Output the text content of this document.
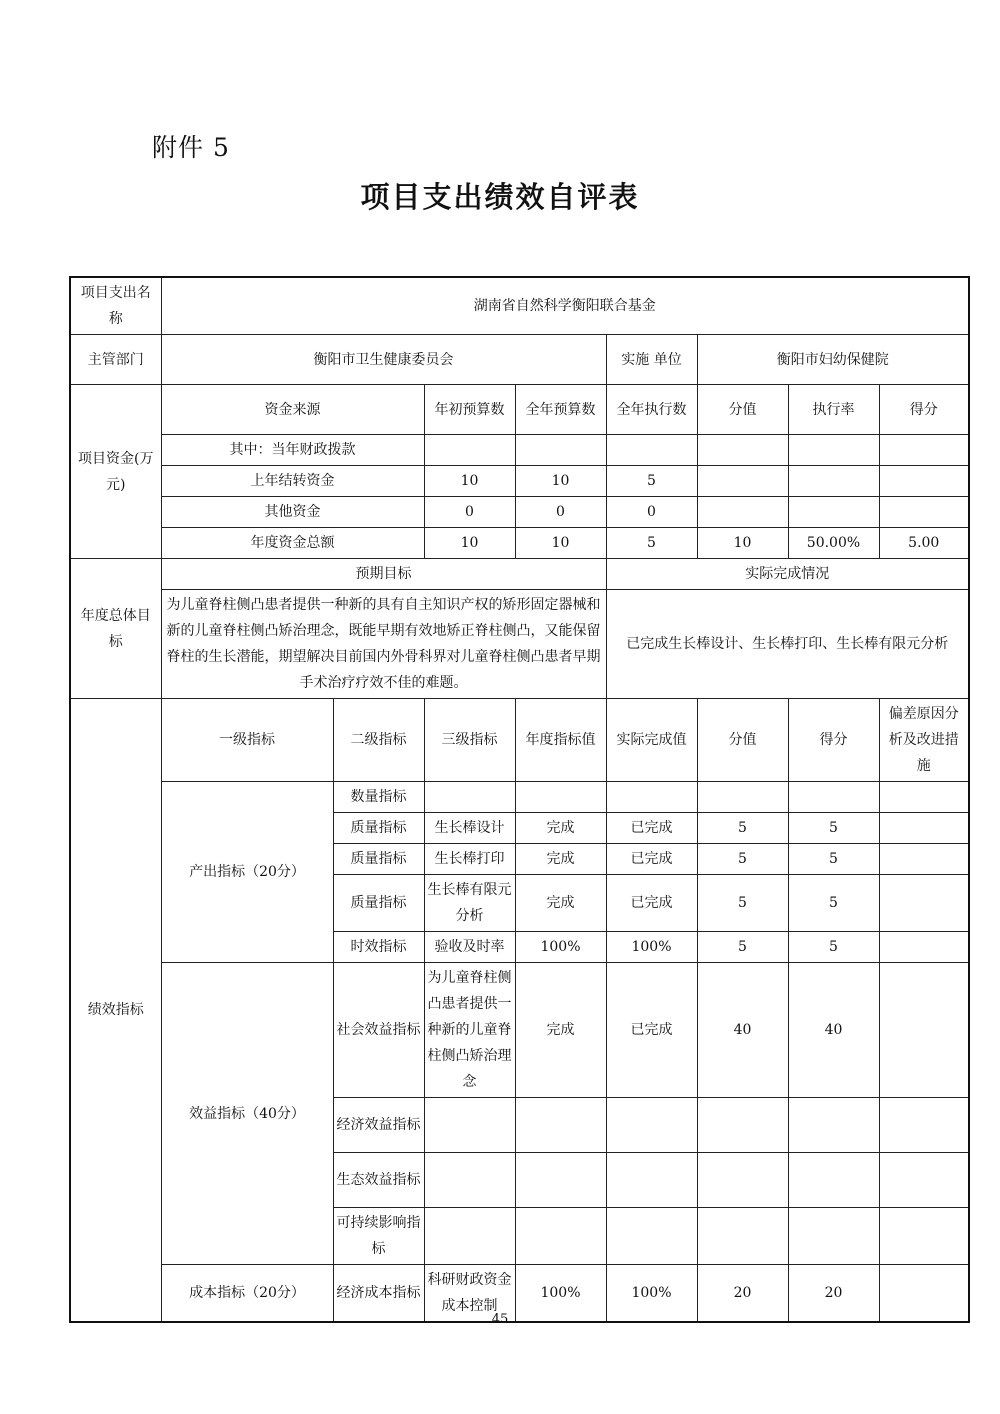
附件 5
项目支出绩效自评表
项目支出名称	湖南省自然科学衡阳联合基金							
主管部门	衡阳市卫生健康委员会				实施 单位	衡阳市妇幼保健院		
项目资金(万元)	资金来源		年初预算数	全年预算数	全年执行数	分值	执行率	得分
	其中：当年财政拨款							
	上年结转资金		10	10	5			
	其他资金		0	0	0			
	年度资金总额		10	10	5	10	50.00%	5.00
年度总体目标	预期目标				实际完成情况			
	为儿童脊柱侧凸患者提供一种新的具有自主知识产权的矫形固定器械和新的儿童脊柱侧凸矫治理念，既能早期有效地矫正脊柱侧凸，又能保留脊柱的生长潜能，期望解决目前国内外骨科界对儿童脊柱侧凸患者早期手术治疗疗效不佳的难题。				已完成生长棒设计、生长棒打印、生长棒有限元分析			
绩效指标	一级指标	二级指标	三级指标	年度指标值	实际完成值	分值	得分	偏差原因分析及改进措施
	产出指标（20分）	数量指标						
		质量指标	生长棒设计	完成	已完成	5	5	
		质量指标	生长棒打印	完成	已完成	5	5	
		质量指标	生长棒有限元分析	完成	已完成	5	5	
		时效指标	验收及时率	100%	100%	5	5	
	效益指标（40分）	社会效益指标	为儿童脊柱侧凸患者提供一种新的儿童脊柱侧凸矫治理念	完成	已完成	40	40	
		经济效益指标						
		生态效益指标						
		可持续影响指标						
	成本指标（20分）	经济成本指标	科研财政资金成本控制	100%	100%	20	20	
45
